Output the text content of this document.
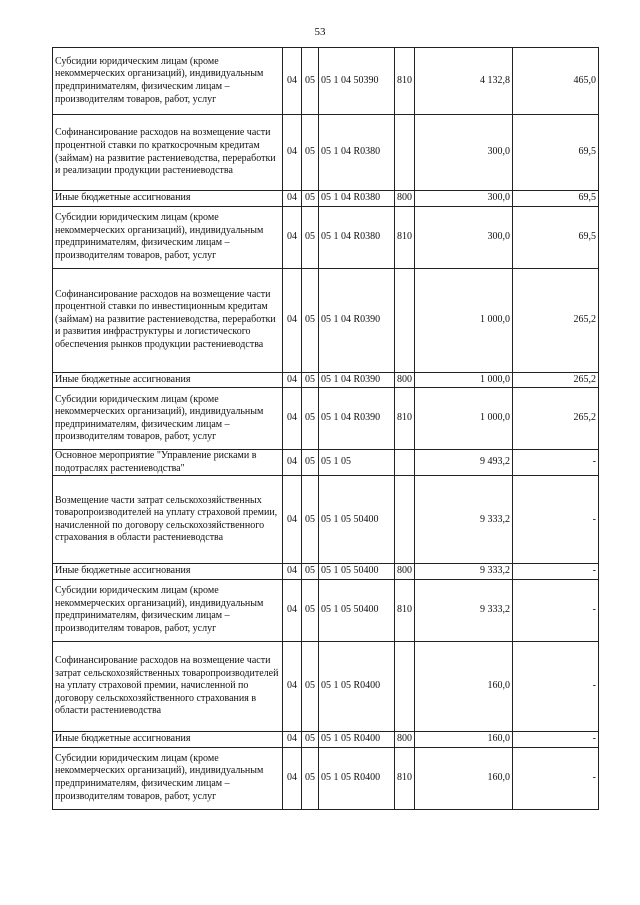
53
Субсидии юридическим лицам (кроме некоммерческих организаций), индивидуальным предпринимателям, физическим лицам – производителям товаров, работ, услуг	04	05	05 1 04 50390	810	4 132,8	465,0
Софинансирование расходов на возмещение части процентной ставки по краткосрочным кредитам (займам) на развитие растениеводства, переработки и реализации продукции растениеводства	04	05	05 1 04 R0380		300,0	69,5
Иные бюджетные ассигнования	04	05	05 1 04 R0380	800	300,0	69,5
Субсидии юридическим лицам (кроме некоммерческих организаций), индивидуальным предпринимателям, физическим лицам – производителям товаров, работ, услуг	04	05	05 1 04 R0380	810	300,0	69,5
Софинансирование расходов на возмещение части процентной ставки по инвестиционным кредитам (займам) на развитие растениеводства, переработки и развития инфраструктуры и логистического обеспечения рынков продукции растениеводства	04	05	05 1 04 R0390		1 000,0	265,2
Иные бюджетные ассигнования	04	05	05 1 04 R0390	800	1 000,0	265,2
Субсидии юридическим лицам (кроме некоммерческих организаций), индивидуальным предпринимателям, физическим лицам – производителям товаров, работ, услуг	04	05	05 1 04 R0390	810	1 000,0	265,2
Основное мероприятие "Управление рисками в подотраслях растениеводства"	04	05	05 1 05		9 493,2	-
Возмещение части затрат сельскохозяйственных товаропроизводителей на уплату страховой премии, начисленной по договору сельскохозяйственного страхования в области растениеводства	04	05	05 1 05 50400		9 333,2	-
Иные бюджетные ассигнования	04	05	05 1 05 50400	800	9 333,2	-
Субсидии юридическим лицам (кроме некоммерческих организаций), индивидуальным предпринимателям, физическим лицам – производителям товаров, работ, услуг	04	05	05 1 05 50400	810	9 333,2	-
Софинансирование расходов на возмещение части затрат сельскохозяйственных товаропроизводителей на уплату страховой премии, начисленной по договору сельскохозяйственного страхования в области растениеводства	04	05	05 1 05 R0400		160,0	-
Иные бюджетные ассигнования	04	05	05 1 05 R0400	800	160,0	-
Субсидии юридическим лицам (кроме некоммерческих организаций), индивидуальным предпринимателям, физическим лицам – производителям товаров, работ, услуг	04	05	05 1 05 R0400	810	160,0	-
